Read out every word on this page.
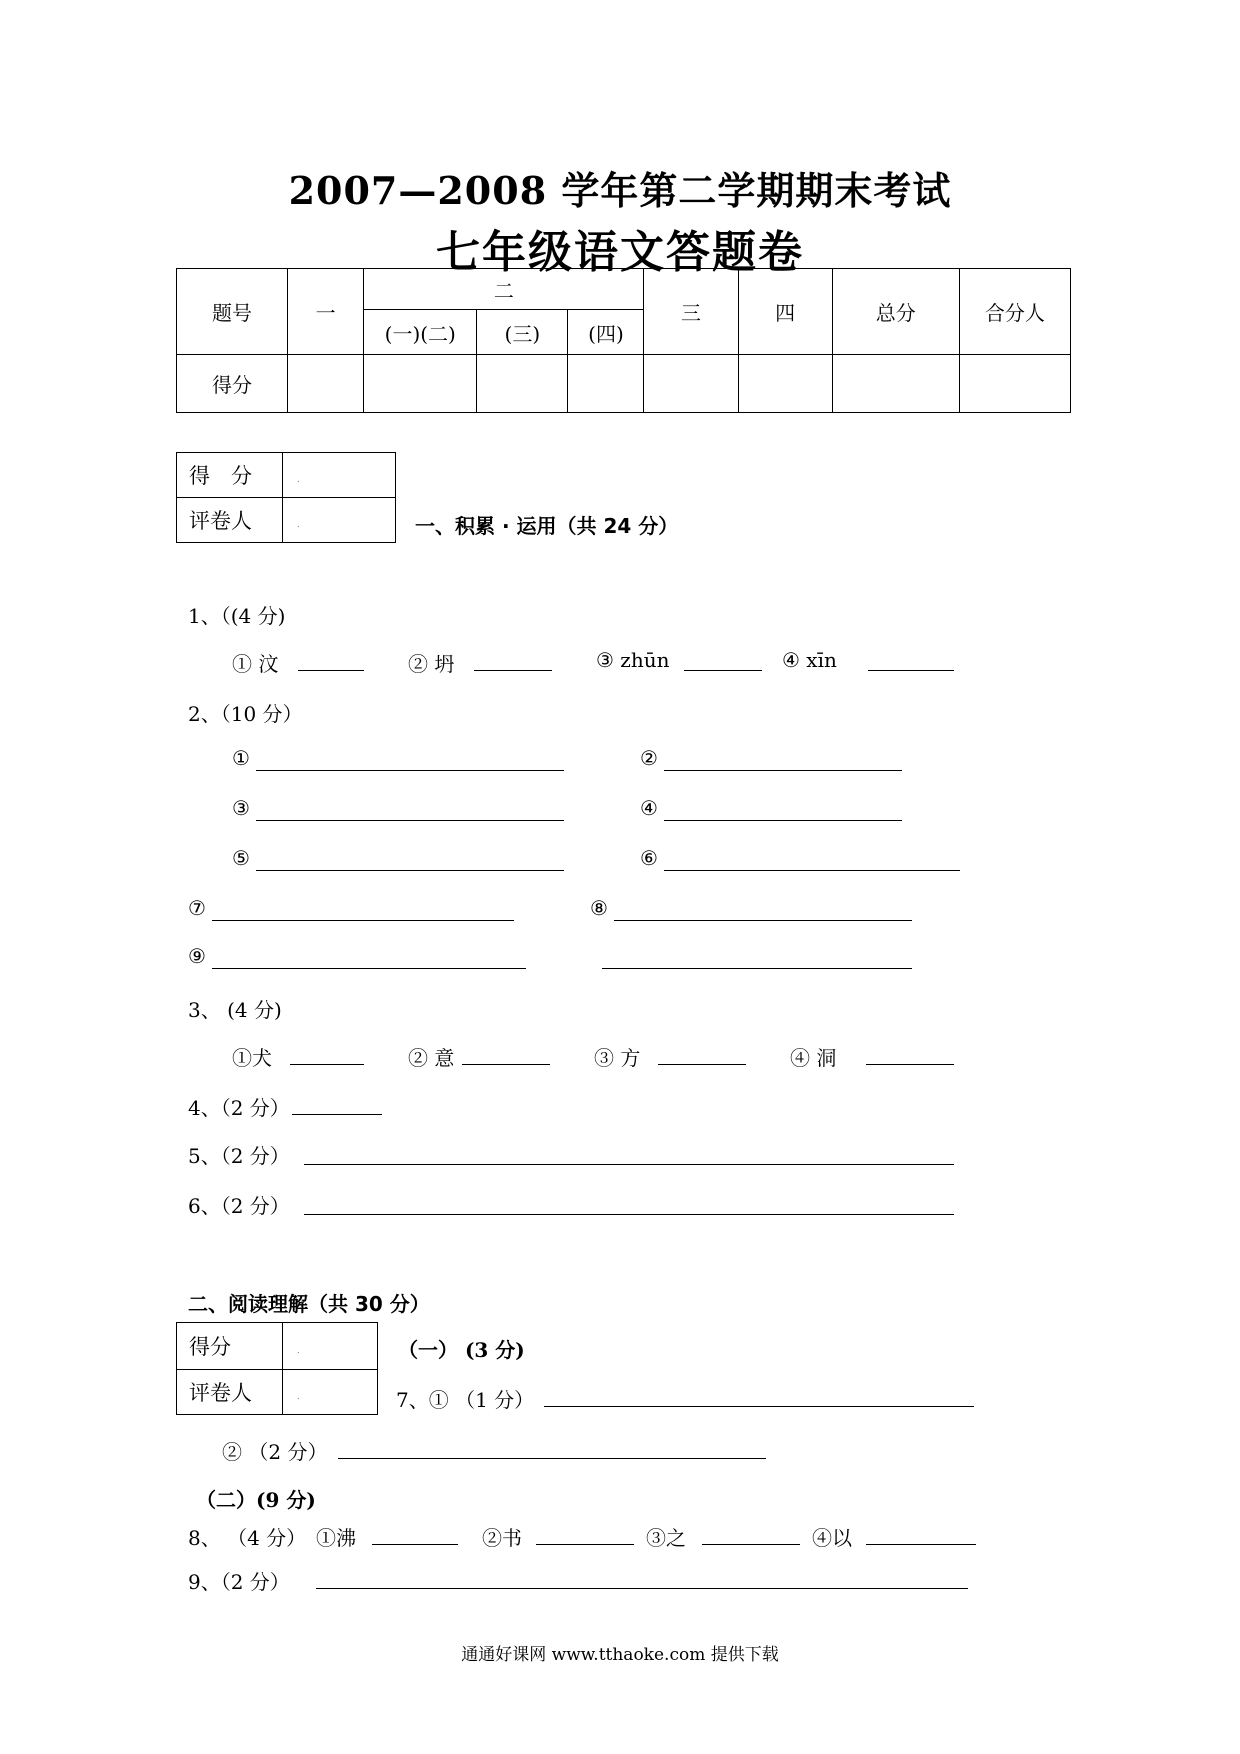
2007—2008 学年第二学期期末考试
七年级语文答题卷
题号	一	二			三	四	总分	合分人
		(一)(二)	(三)	(四)				
得分								
得　分	.
评卷人	.	一、积累 · 运用（共 24 分）
1、（(4 分)
① 汶	② 坍	③ zhūn	④ xīn
2、（10 分）
①	②
③	④
⑤	⑥
⑦	⑧
⑨
3、 (4 分)
①犬	② 意	③ 方	④ 洞
4、（2 分）
5、（2 分）
6、（2 分）
二、阅读理解（共 30 分）
得分	.
评卷人	.
（一） (3 分)
7、① （1 分）
② （2 分）
（二）(9 分)
8、 （4 分） ①沸	②书	③之	④以
9、（2 分）
通通好课网 www.tthaoke.com 提供下载
